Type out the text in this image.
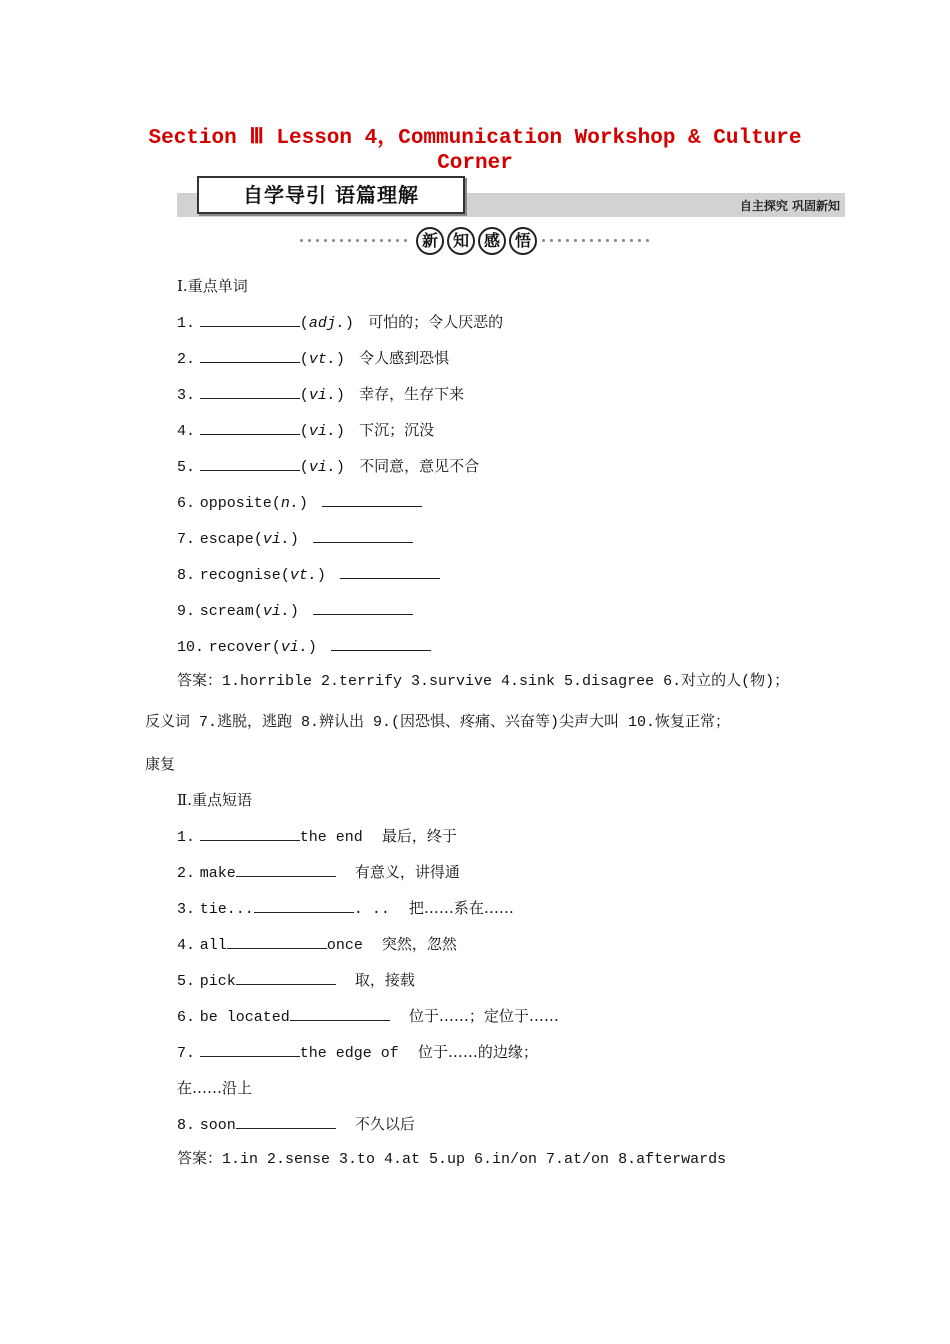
Section Ⅲ Lesson 4，Communication Workshop & Culture
Corner
自学导引 语篇理解	自主探究 巩固新知
新 知 感 悟
Ⅰ.重点单词
1.	(adj.) 可怕的；令人厌恶的
2.	(vt.) 令人感到恐惧
3.	(vi.) 幸存，生存下来
4.	(vi.) 下沉；沉没
5.	(vi.) 不同意，意见不合
6. opposite(n.)
7. escape(vi.)
8. recognise(vt.)
9. scream(vi.)
10. recover(vi.)
答案：1.horrible 2.terrify 3.survive 4.sink 5.disagree 6.对立的人(物)；
反义词 7.逃脱，逃跑 8.辨认出 9.(因恐惧、疼痛、兴奋等)尖声大叫 10.恢复正常；
康复
Ⅱ.重点短语
1.	the end 最后，终于
2. make	有意义，讲得通
3. tie...	. .. 把……系在……
4. all	once 突然，忽然
5. pick	取，接载
6. be located	位于……；定位于……
7.	the edge of 位于……的边缘；
在……沿上
8. soon	不久以后
答案：1.in 2.sense 3.to 4.at 5.up 6.in/on 7.at/on 8.afterwards
